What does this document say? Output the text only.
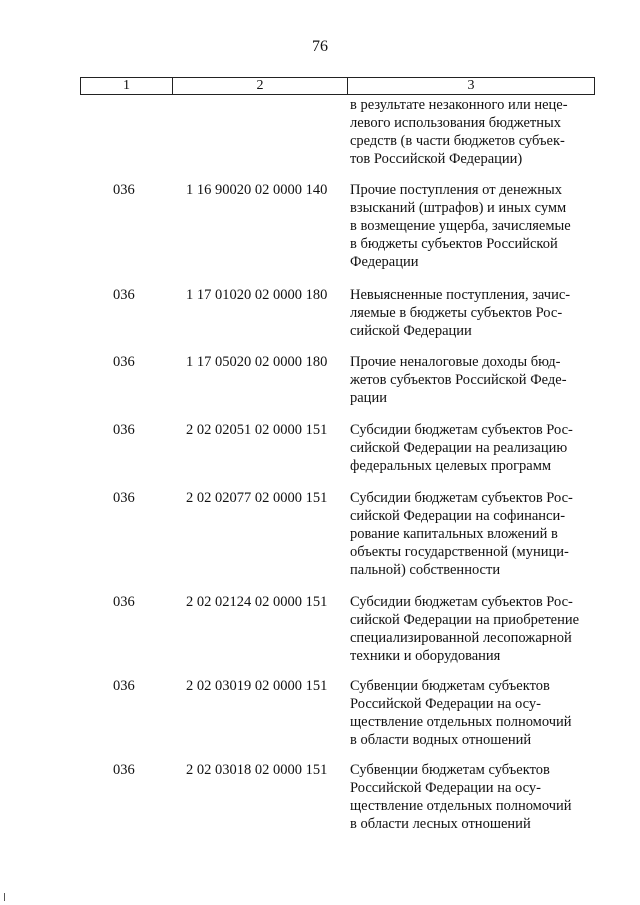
76
1	2	3
в результате незаконного или неце-
левого использования бюджетных
средств (в части бюджетов субъек-
тов Российской Федерации)
036	1 16 90020 02 0000 140 Прочие поступления от денежных
взысканий (штрафов) и иных сумм
в возмещение ущерба, зачисляемые
в бюджеты субъектов Российской
Федерации
036	1 17 01020 02 0000 180 Невыясненные поступления, зачис-
ляемые в бюджеты субъектов Рос-
сийской Федерации
036	1 17 05020 02 0000 180 Прочие неналоговые доходы бюд-
жетов субъектов Российской Феде-
рации
036	2 02 02051 02 0000 151 Субсидии бюджетам субъектов Рос-
сийской Федерации на реализацию
федеральных целевых программ
036	2 02 02077 02 0000 151 Субсидии бюджетам субъектов Рос-
сийской Федерации на софинанси-
рование капитальных вложений в
объекты государственной (муници-
пальной) собственности
036	2 02 02124 02 0000 151 Субсидии бюджетам субъектов Рос-
сийской Федерации на приобретение
специализированной лесопожарной
техники и оборудования
036	2 02 03019 02 0000 151 Субвенции бюджетам субъектов
Российской Федерации на осу-
ществление отдельных полномочий
в области водных отношений
036	2 02 03018 02 0000 151 Субвенции бюджетам субъектов
Российской Федерации на осу-
ществление отдельных полномочий
в области лесных отношений
